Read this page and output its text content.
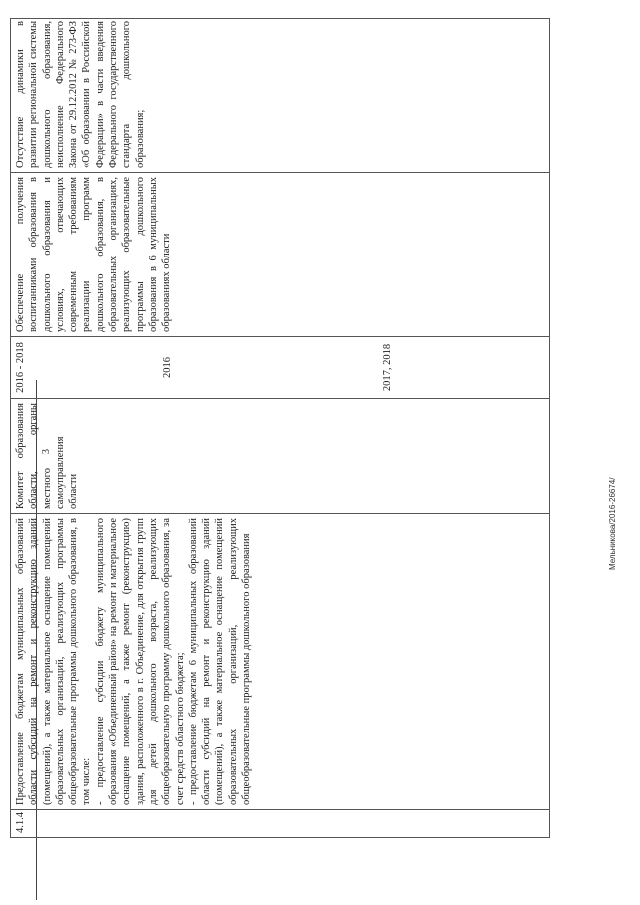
3
4.1.4

Предоставление бюджетам муниципальных образований области субсидий на ремонт и реконструкцию зданий (помещений), а также материальное оснащение помещений образовательных организаций, реализующих программы общеобразовательные программы дошкольного образования, в том числе: - предоставление субсидии бюджету муниципального образования «Объединенный район» на ремонт и материальное оснащение помещений, а также ремонт (реконструкцию) здания, расположенного в г. Объединение, для открытия групп для детей дошкольного возраста, реализующих общеобразовательную программу дошкольного образования, за счет средств областного бюджета; - предоставление бюджетам 6 муниципальных образований области субсидий на ремонт и реконструкцию зданий (помещений), а также материальное оснащение помещений образовательных организаций, реализующих общеобразовательные программы дошкольного образования

Комитет образования области, органы местного самоуправления области
2016 - 2018	2016	2017, 2018
Обеспечение получения воспитанниками образования в дошкольного образования и условиях, отвечающих современным требованиям реализации программ дошкольного образования, в образовательных организациях, реализующих образовательные программы дошкольного образования в 6 муниципальных образованиях области
Отсутствие динамики в развитии региональной системы дошкольного образования, неисполнение Федерального Закона от 29.12.2012 № 273-ФЗ «Об образовании в Российской Федерации» в части введения Федерального государственного стандарта дошкольного образования;
Мельникова/2016-26674/
